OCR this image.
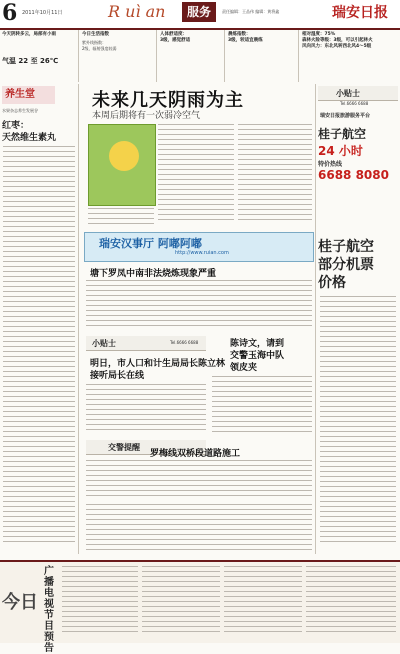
6 2011年10月11日	R uì an	服务	责任编辑：王品伟 编辑：黄将鑫	瑞安日报
今天阴转多云，局部有小雨
气温 22 至 26℃
今日生活指数
紫外线指数：
2级，辐射强度较弱
人体舒适度：
3级，感觉舒适
晨练指数：
3级，较适宜晨练
相对湿度：75%
森林火险等级：3级，可以引起林火
风向风力：东北风转西北风4～5级
养生堂
水果杂志养生发展谷
红枣：
天然维生素丸
未来几天阴雨为主
本周后期将有一次弱冷空气
瑞安汉事厅 阿嘟阿嘟
http://www.ruian.com
塘下罗凤中南非法烧炼现象严重
小贴士	Tel.6666 6688
明日，市人口和计生局局长陈立林
接听局长在线
陈诗文，请到
交警玉海中队
领皮夹
交警提醒
罗梅线双桥段道路施工
小贴士
Tel.6666 6688
瑞安日报旅游服务平台
桂子航空
24 小时
特价热线
6688 8080
桂子航空
部分机票
价格
今日
广播电视节目预告
